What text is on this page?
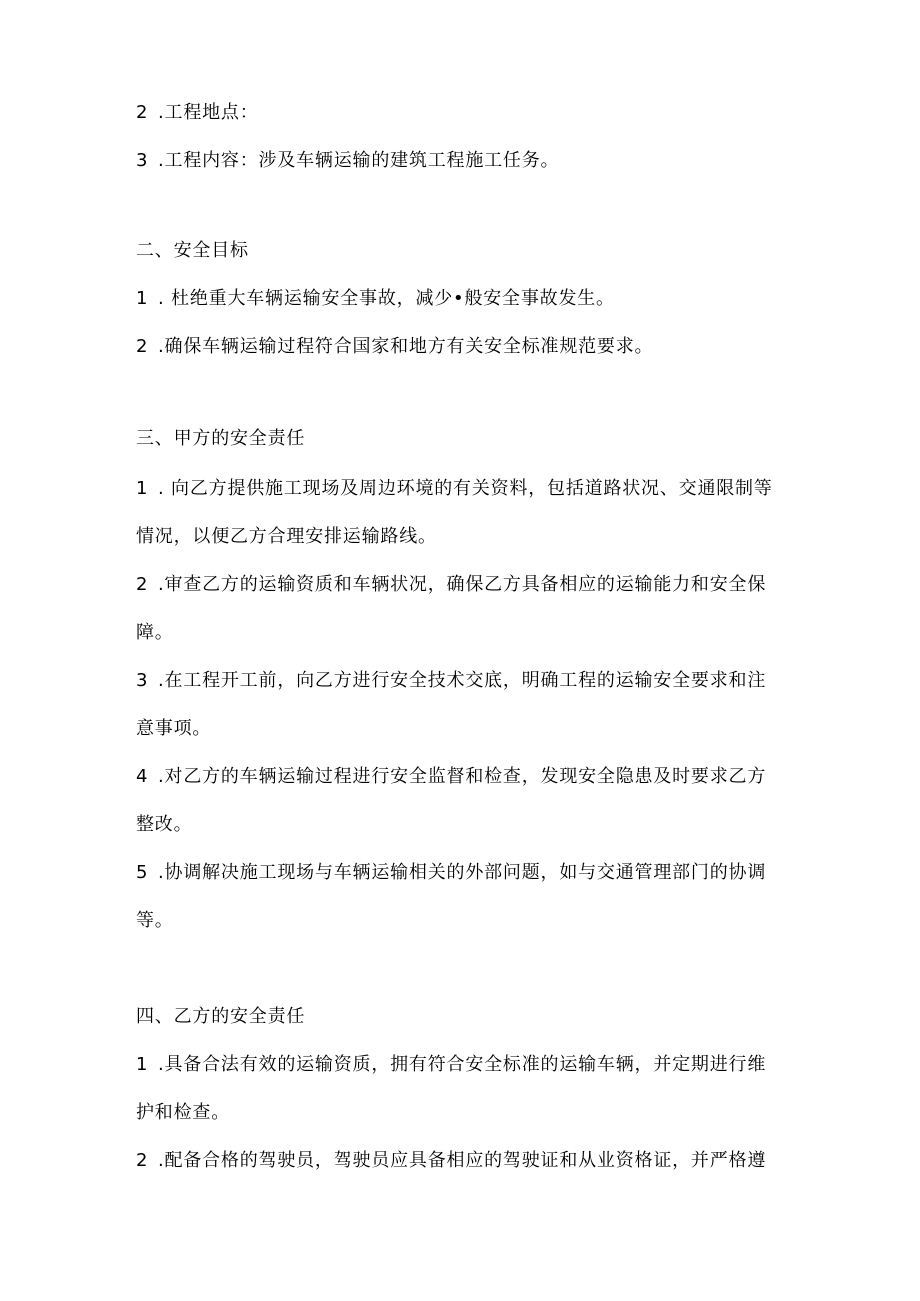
2 .工程地点：
3 .工程内容：涉及车辆运输的建筑工程施工任务。
二、安全目标
1 . 杜绝重大车辆运输安全事故，减少•般安全事故发生。
2 .确保车辆运输过程符合国家和地方有关安全标准规范要求。
三、甲方的安全责任
1 . 向乙方提供施工现场及周边环境的有关资料，包括道路状况、交通限制等
情况，以便乙方合理安排运输路线。
2 .审查乙方的运输资质和车辆状况，确保乙方具备相应的运输能力和安全保
障。
3 .在工程开工前，向乙方进行安全技术交底，明确工程的运输安全要求和注
意事项。
4 .对乙方的车辆运输过程进行安全监督和检查，发现安全隐患及时要求乙方
整改。
5 .协调解决施工现场与车辆运输相关的外部问题，如与交通管理部门的协调
等。
四、乙方的安全责任
1 .具备合法有效的运输资质，拥有符合安全标准的运输车辆，并定期进行维
护和检查。
2 .配备合格的驾驶员，驾驶员应具备相应的驾驶证和从业资格证，并严格遵
